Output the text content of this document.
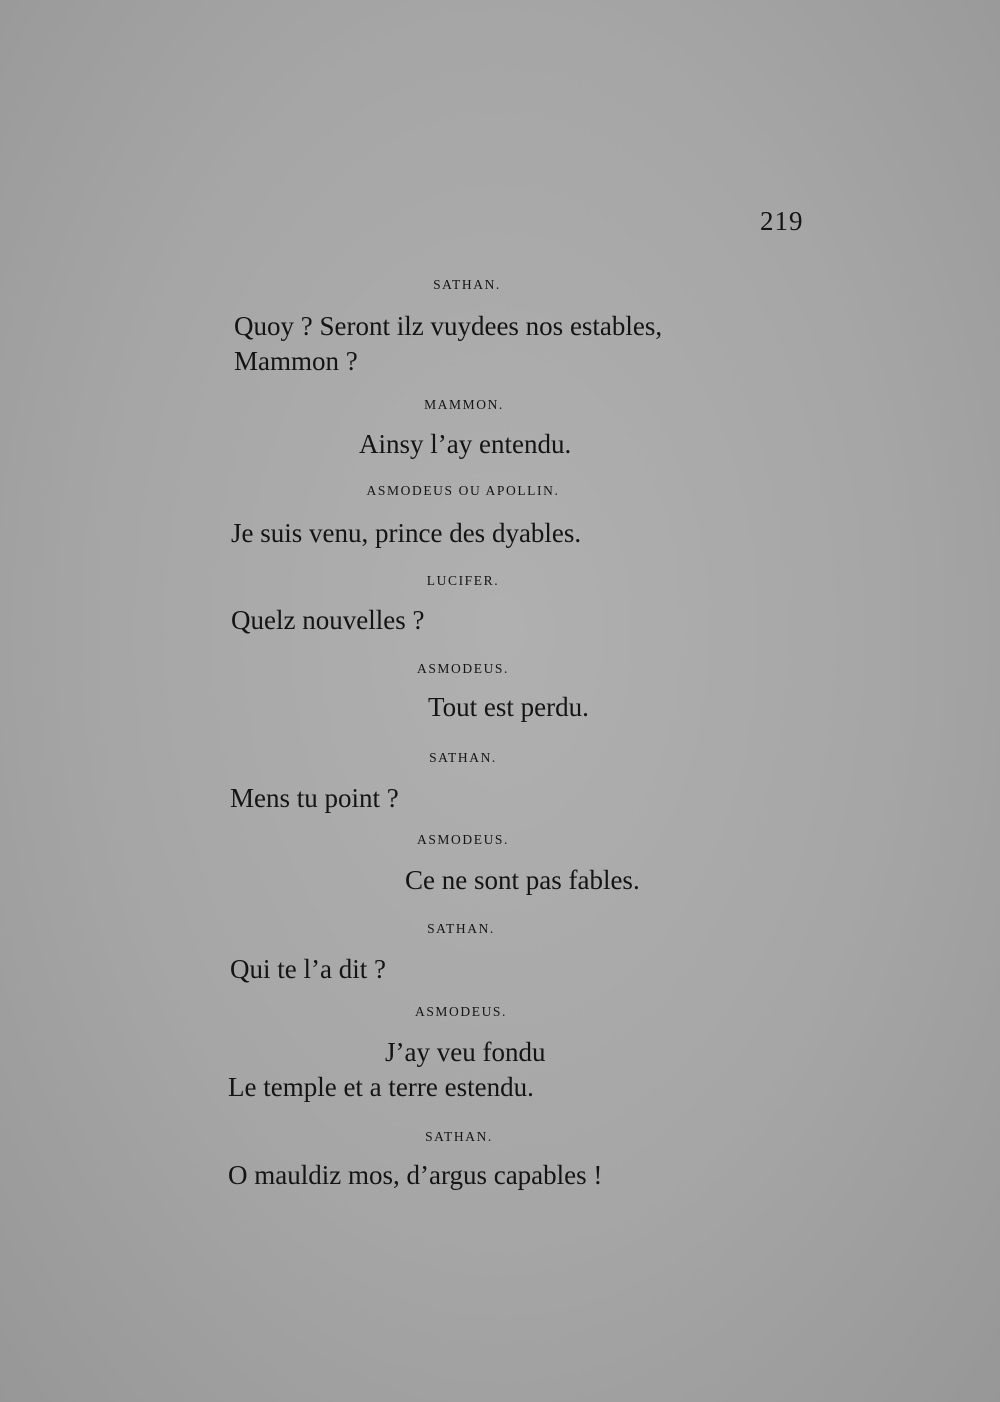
219
SATHAN.
Quoy ? Seront ilz vuydees nos estables,
Mammon ?
MAMMON.
Ainsy l’ay entendu.
ASMODEUS OU APOLLIN.
Je suis venu, prince des dyables.
LUCIFER.
Quelz nouvelles ?
ASMODEUS.
Tout est perdu.
SATHAN.
Mens tu point ?
ASMODEUS.
Ce ne sont pas fables.
SATHAN.
Qui te l’a dit ?
ASMODEUS.
J’ay veu fondu
Le temple et a terre estendu.
SATHAN.
O mauldiz mos, d’argus capables !
